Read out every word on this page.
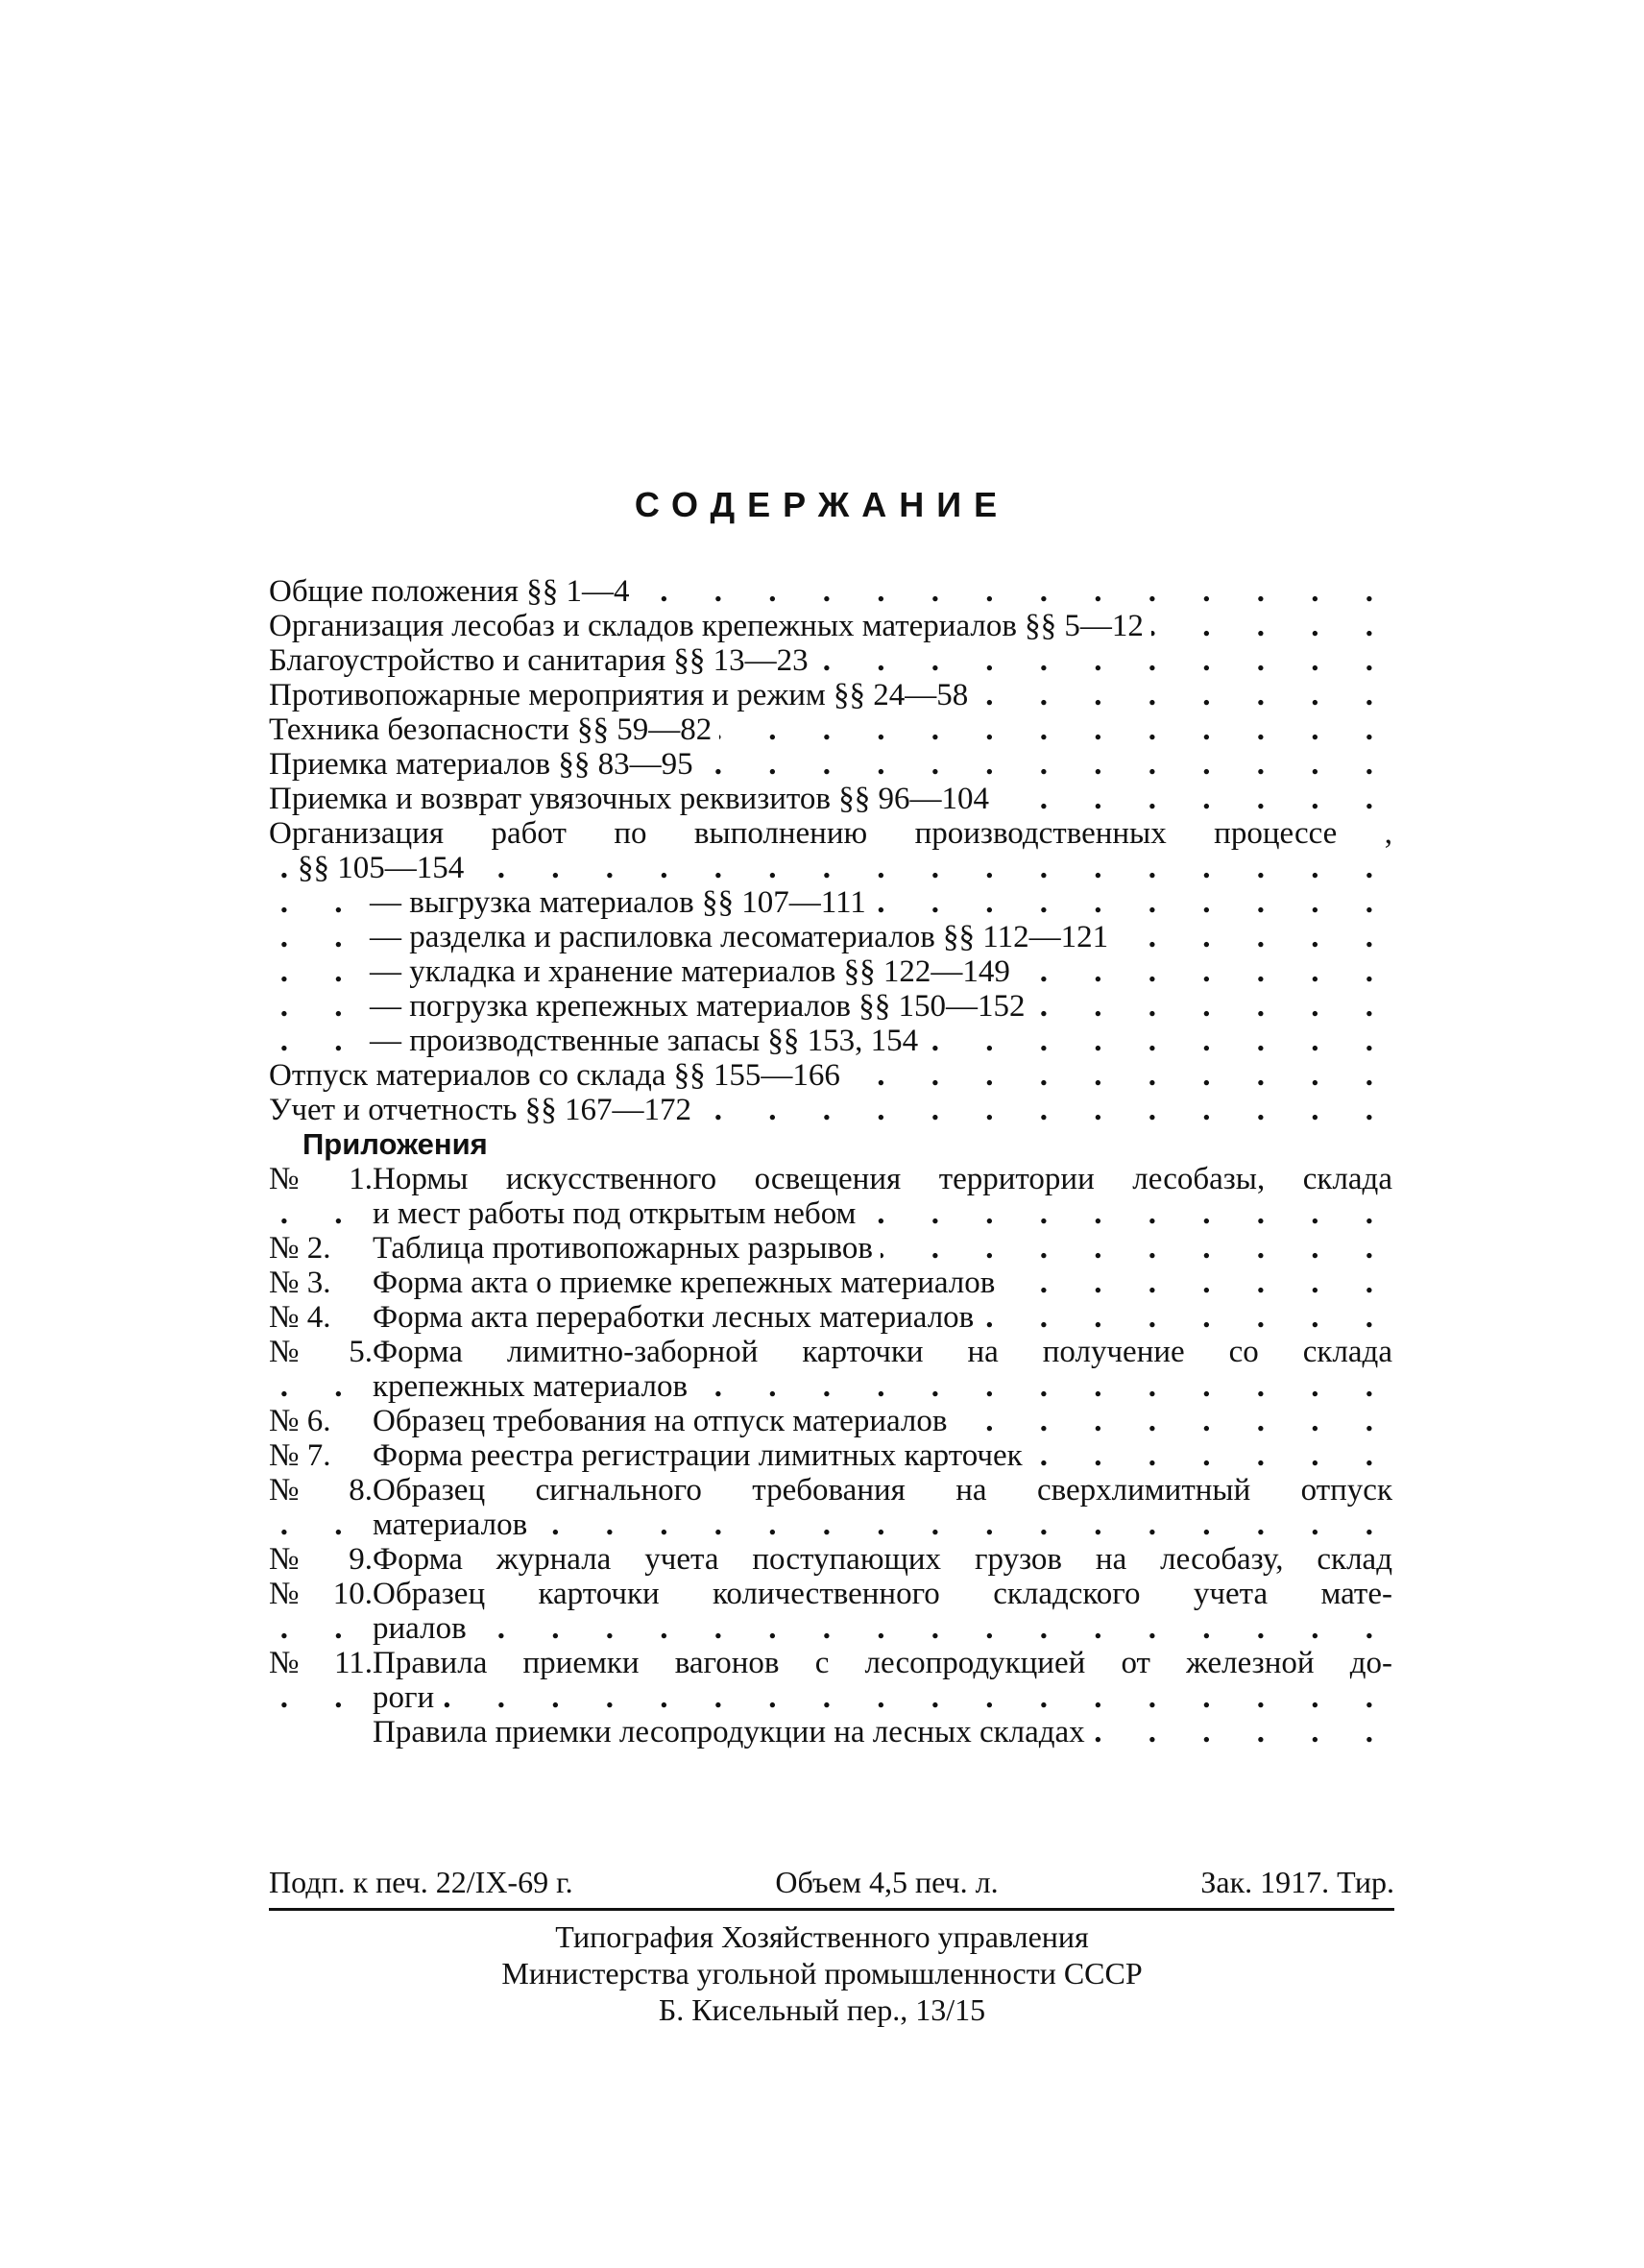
СОДЕРЖАНИЕ
Общие положения §§ 1—4 . . .
Организация лесобаз и складов крепежных материалов §§ 5—12 . . .
Благоустройство и санитария §§ 13—23 . . .
Противопожарные мероприятия и режим §§ 24—58 . . .
Техника безопасности §§ 59—82 . . .
Приемка материалов §§ 83—95 . . .
Приемка и возврат увязочных реквизитов §§ 96—104 . . .
Организация работ по выполнению производственных процессе ,
§§ 105—154 . . .
— выгрузка материалов §§ 107—111 . . .
— разделка и распиловка лесоматериалов §§ 112—121 . . .
— укладка и хранение материалов §§ 122—149 . . .
— погрузка крепежных материалов §§ 150—152 . . .
— производственные запасы §§ 153, 154 . . .
Отпуск материалов со склада §§ 155—166 . . .
Учет и отчетность §§ 167—172 . . .
Приложения
№ 1.Нормы искусственного освещения территории лесобазы, склада
и мест работы под открытым небом . . .
№ 2. Таблица противопожарных разрывов . . .
№ 3. Форма акта о приемке крепежных материалов . . .
№ 4. Форма акта переработки лесных материалов . . .
№ 5.Форма лимитно-заборной карточки на получение со склада
крепежных материалов . . .
№ 6. Образец требования на отпуск материалов . . .
№ 7. Форма реестра регистрации лимитных карточек . . .
№ 8.Образец сигнального требования на сверхлимитный отпуск
материалов . . .
№ 9.Форма журнала учета поступающих грузов на лесобазу, склад
№ 10.Образец карточки количественного складского учета мате-
риалов . . .
№ 11.Правила приемки вагонов с лесопродукцией от железной до-
роги . . .
Правила приемки лесопродукции на лесных складах . . .
Подп. к печ. 22/IX-69 г.	Объем 4,5 печ. л.	Зак. 1917. Тир.
Типография Хозяйственного управления
Министерства угольной промышленности СССР
Б. Кисельный пер., 13/15
